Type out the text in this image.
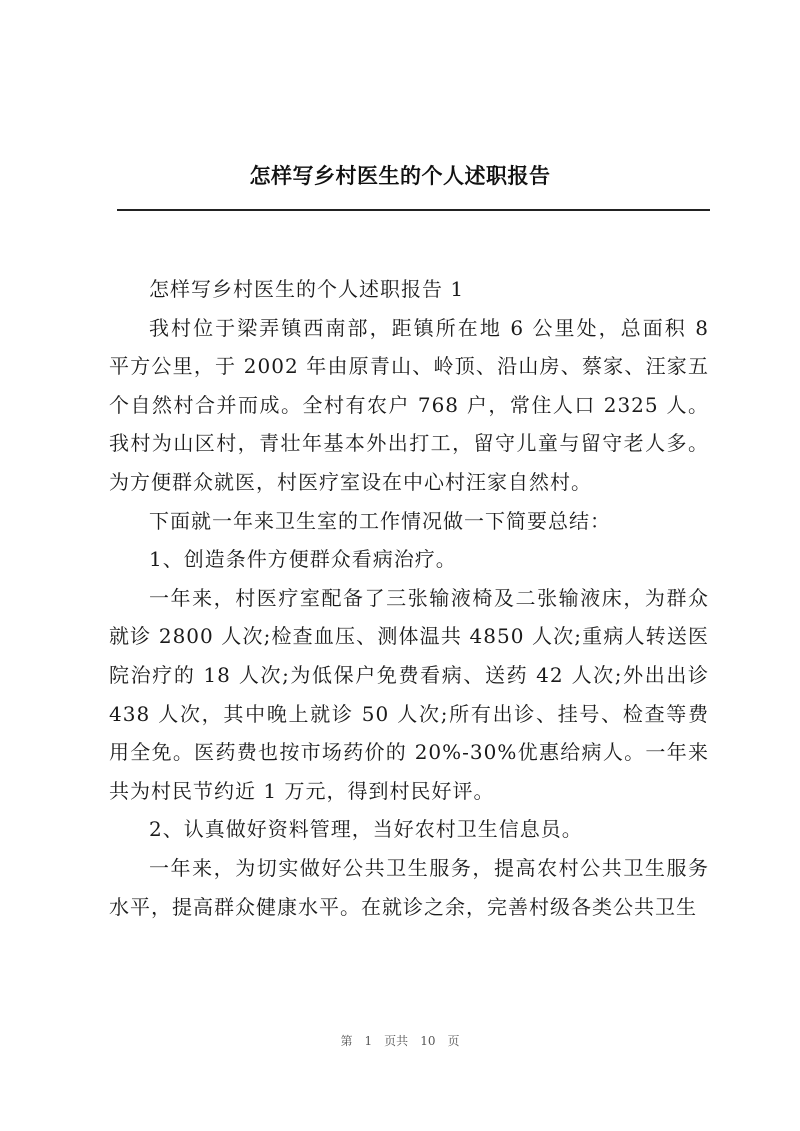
怎样写乡村医生的个人述职报告

怎样写乡村医生的个人述职报告 1

我村位于梁弄镇西南部，距镇所在地 6 公里处，总面积 8 平方公里，于 2002 年由原青山、岭顶、沿山房、蔡家、汪家五个自然村合并而成。全村有农户 768 户，常住人口 2325 人。我村为山区村，青壮年基本外出打工，留守儿童与留守老人多。为方便群众就医，村医疗室设在中心村汪家自然村。

下面就一年来卫生室的工作情况做一下简要总结：

1、创造条件方便群众看病治疗。

一年来，村医疗室配备了三张输液椅及二张输液床，为群众就诊 2800 人次;检查血压、测体温共 4850 人次;重病人转送医院治疗的 18 人次;为低保户免费看病、送药 42 人次;外出出诊 438 人次，其中晚上就诊 50 人次;所有出诊、挂号、检查等费用全免。医药费也按市场药价的 20%-30%优惠给病人。一年来共为村民节约近 1 万元，得到村民好评。

2、认真做好资料管理，当好农村卫生信息员。

一年来，为切实做好公共卫生服务，提高农村公共卫生服务水平，提高群众健康水平。在就诊之余，完善村级各类公共卫生

第 1 页共 10 页
